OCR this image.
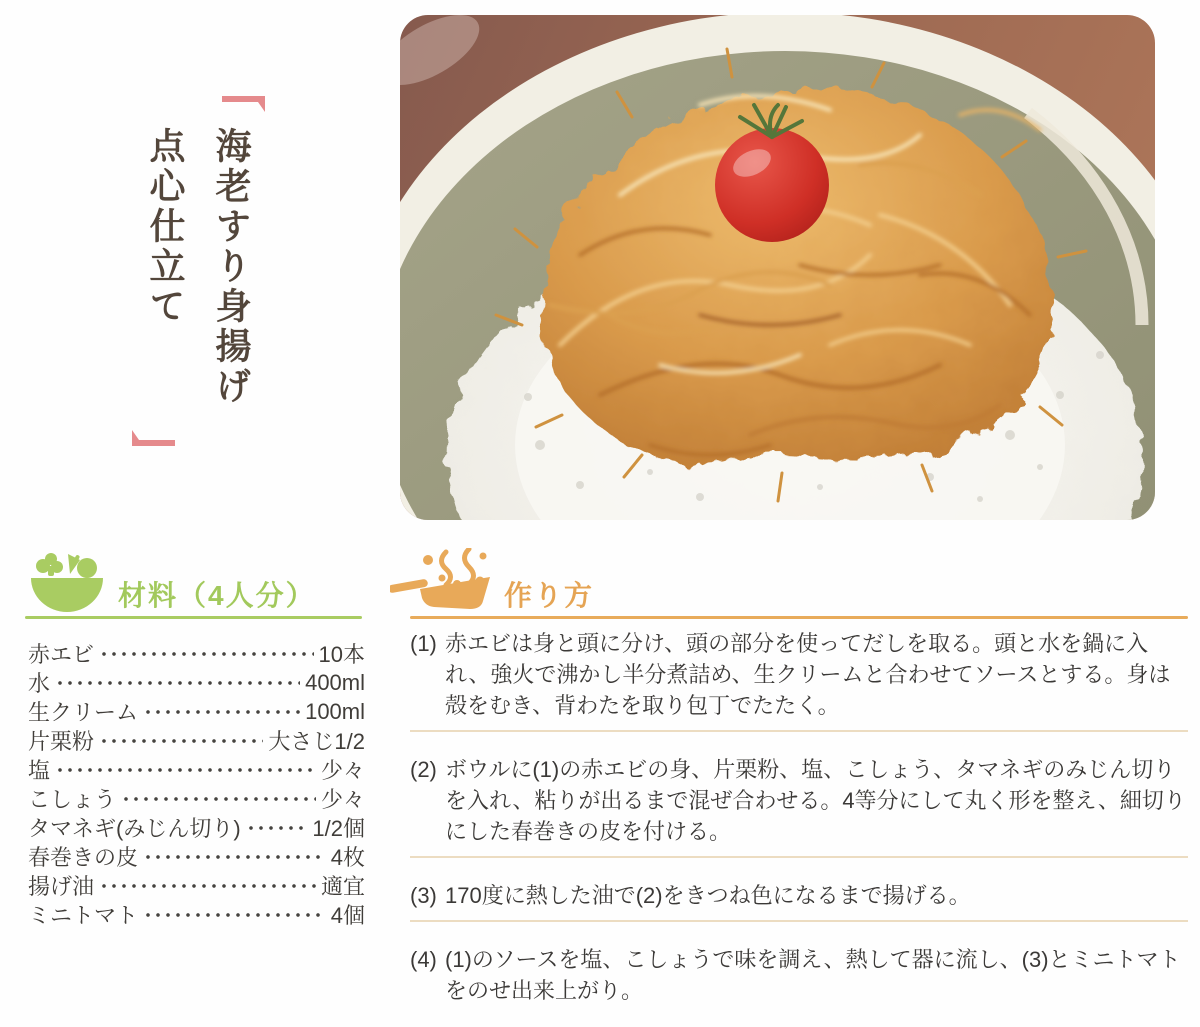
海老すり身揚げ
点心仕立て
材料（4人分）
赤エビ	10本
水	400ml
生クリーム	100ml
片栗粉	大さじ1/2
塩	少々
こしょう	少々
タマネギ(みじん切り)	1/2個
春巻きの皮	4枚
揚げ油	適宜
ミニトマト	4個
作り方
(1) 赤エビは身と頭に分け、頭の部分を使ってだしを取る。頭と水を鍋に入れ、強火で沸かし半分煮詰め、生クリームと合わせてソースとする。身は殻をむき、背わたを取り包丁でたたく。
(2) ボウルに(1)の赤エビの身、片栗粉、塩、こしょう、タマネギのみじん切りを入れ、粘りが出るまで混ぜ合わせる。4等分にして丸く形を整え、細切りにした春巻きの皮を付ける。
(3) 170度に熱した油で(2)をきつね色になるまで揚げる。
(4) (1)のソースを塩、こしょうで味を調え、熱して器に流し、(3)とミニトマトをのせ出来上がり。
